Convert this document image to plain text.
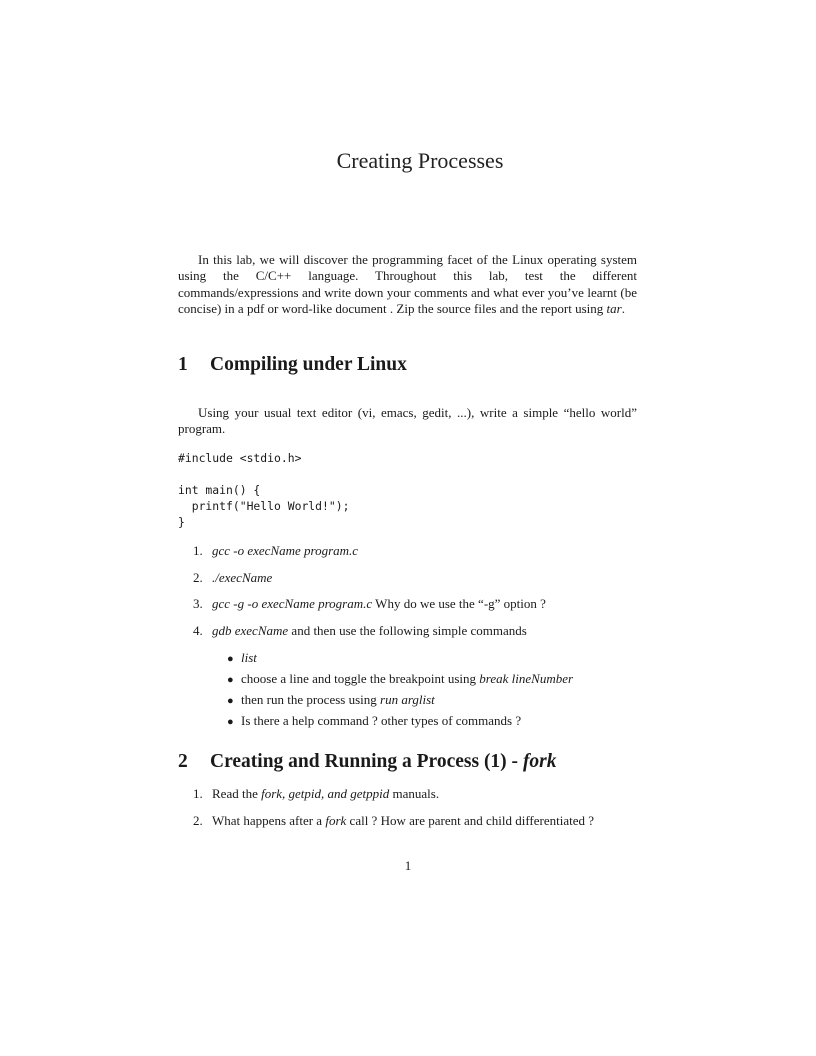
Creating Processes
In this lab, we will discover the programming facet of the Linux operating system using the C/C++ language. Throughout this lab, test the different commands/expressions and write down your comments and what ever you’ve learnt (be concise) in a pdf or word-like document . Zip the source files and the report using tar.
1 Compiling under Linux
Using your usual text editor (vi, emacs, gedit, ...), write a simple “hello world” program.
#include <stdio.h>
int main() {
printf("Hello World!");
}
1. gcc -o execName program.c
2. ./execName
3. gcc -g -o execName program.c Why do we use the “-g” option ?
4. gdb execName and then use the following simple commands
● list
● choose a line and toggle the breakpoint using break lineNumber
● then run the process using run arglist
● Is there a help command ? other types of commands ?
2 Creating and Running a Process (1) - fork
1. Read the fork, getpid, and getppid manuals.
2. What happens after a fork call ? How are parent and child differentiated ?
1
